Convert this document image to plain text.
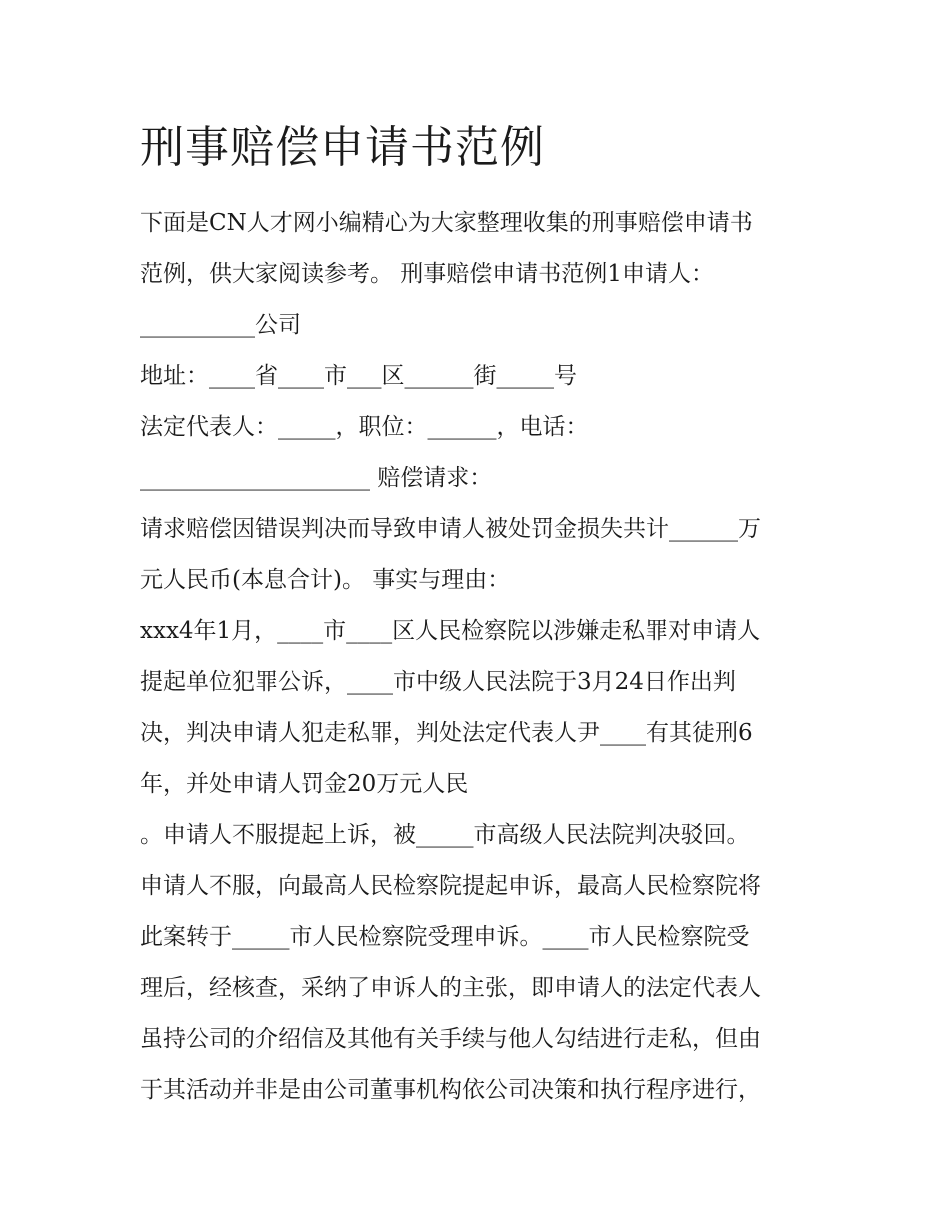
刑事赔偿申请书范例
下面是CN人才网小编精心为大家整理收集的刑事赔偿申请书
范例，供大家阅读参考。 刑事赔偿申请书范例1申请人：
__________公司
地址：____省____市___区______街_____号
法定代表人：_____，职位：______，电话：
____________________ 赔偿请求：
请求赔偿因错误判决而导致申请人被处罚金损失共计______万
元人民币(本息合计)。 事实与理由：
xxx4年1月，____市____区人民检察院以涉嫌走私罪对申请人
提起单位犯罪公诉，____市中级人民法院于3月24日作出判
决，判决申请人犯走私罪，判处法定代表人尹____有其徒刑6
年，并处申请人罚金20万元人民
。申请人不服提起上诉，被_____市高级人民法院判决驳回。
申请人不服，向最高人民检察院提起申诉，最高人民检察院将
此案转于_____市人民检察院受理申诉。____市人民检察院受
理后，经核查，采纳了申诉人的主张，即申请人的法定代表人
虽持公司的介绍信及其他有关手续与他人勾结进行走私，但由
于其活动并非是由公司董事机构依公司决策和执行程序进行，
